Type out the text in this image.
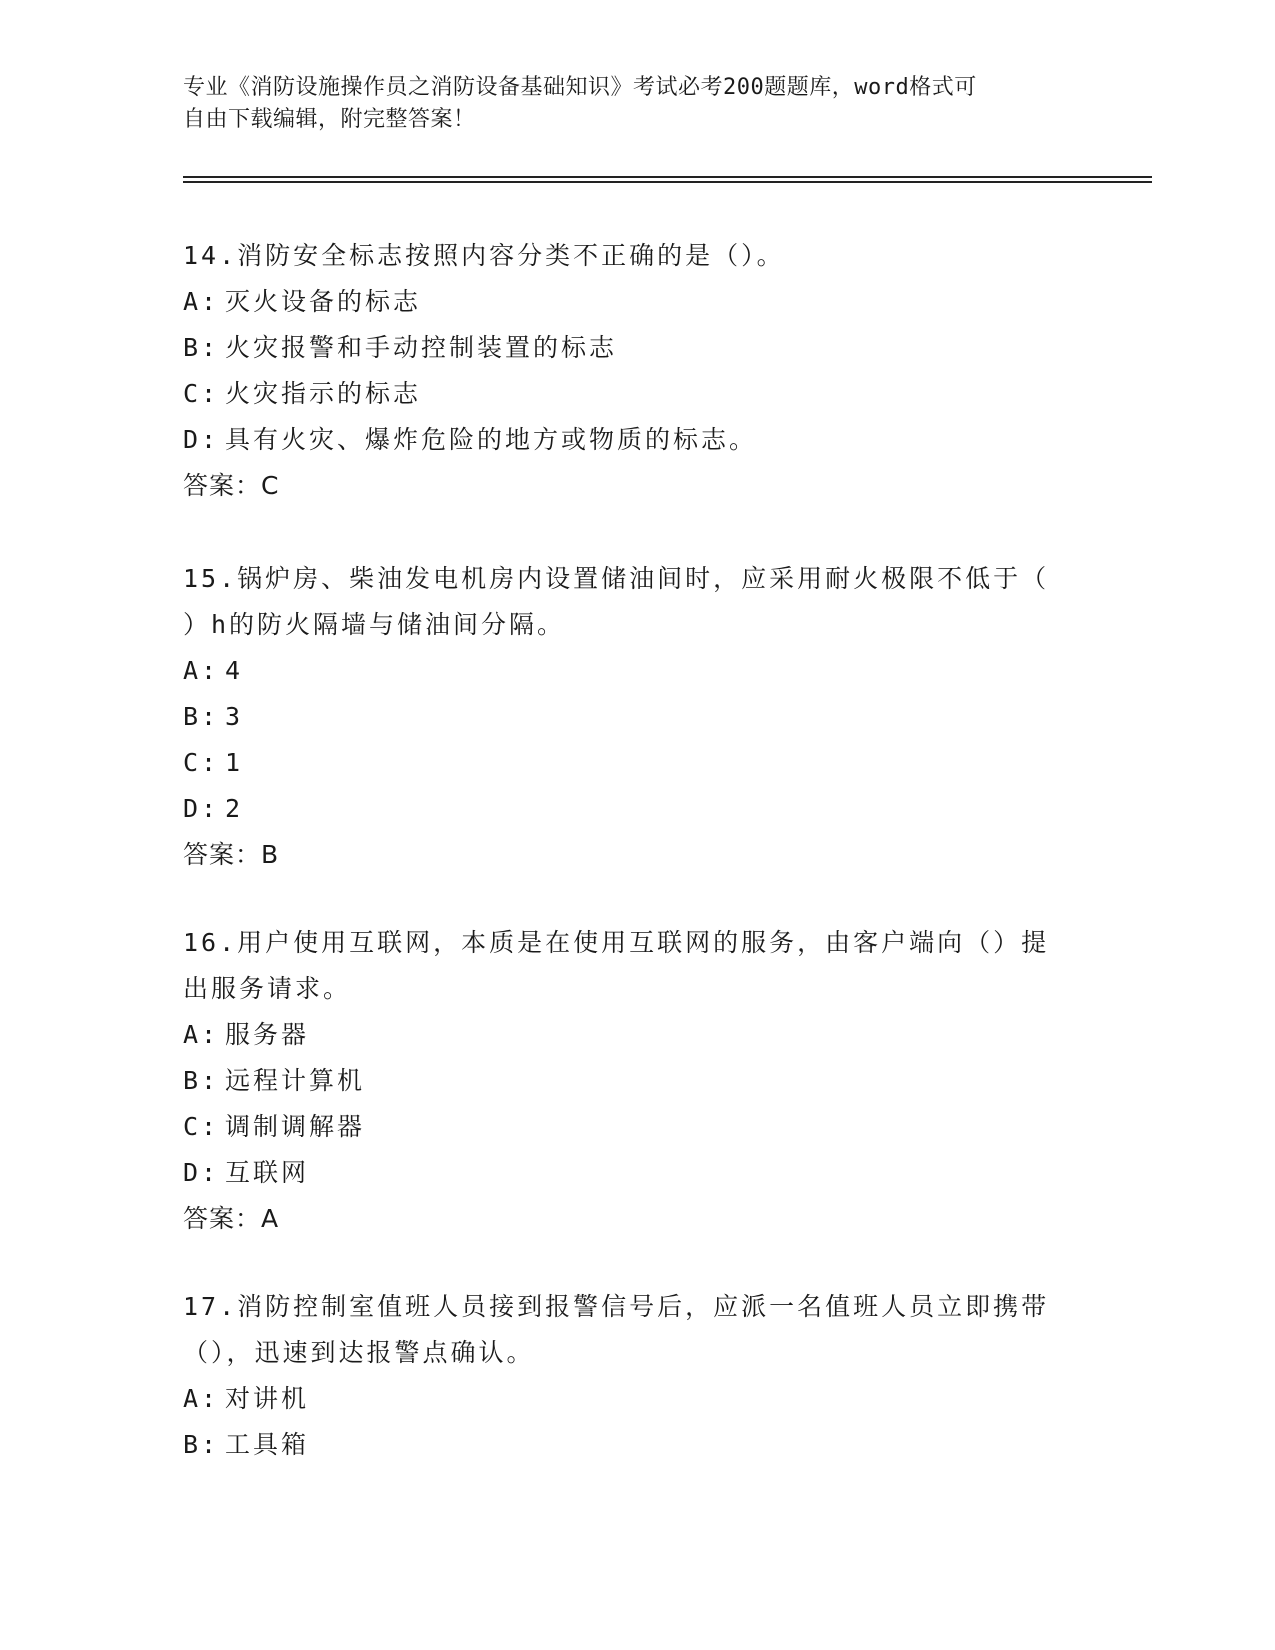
专业《消防设施操作员之消防设备基础知识》考试必考200题题库，word格式可
自由下载编辑，附完整答案！
14.消防安全标志按照内容分类不正确的是（）。
A: 灭火设备的标志
B: 火灾报警和手动控制装置的标志
C: 火灾指示的标志
D: 具有火灾、爆炸危险的地方或物质的标志。
答案：C
15.锅炉房、柴油发电机房内设置储油间时，应采用耐火极限不低于（
）h的防火隔墙与储油间分隔。
A: 4
B: 3
C: 1
D: 2
答案：B
16.用户使用互联网，本质是在使用互联网的服务，由客户端向（）提
出服务请求。
A: 服务器
B: 远程计算机
C: 调制调解器
D: 互联网
答案：A
17.消防控制室值班人员接到报警信号后，应派一名值班人员立即携带
（），迅速到达报警点确认。
A: 对讲机
B: 工具箱
